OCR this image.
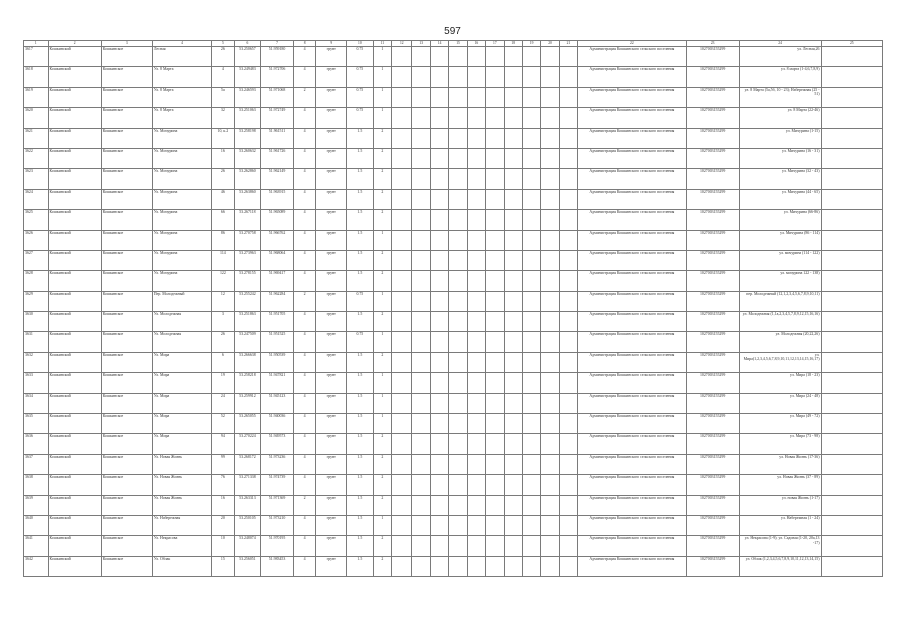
597
1	2	3	4	5	6	7	8	9	10	11	12	13	14	15	16	17	18	19	20	21	22	23	24	25
3617	Кошкинский	Кошкинское	Лесная	26	53.250657	51.959180	4	грунт	0.75	1											Администрация Кошкинского сельского поселения	1027003155299	ул. Лесная,26	
3618	Кошкинский	Кошкинское	Ул. 8 Марта	4	53.249483	51.972706	4	грунт	0.75	1											Администрация Кошкинского сельского поселения	1027003155299	ул. 8 марта (1-4,6,7,8,9)	
3619	Кошкинский	Кошкинское	Ул. 8 Марта	5а	53.246593	51.971068	2	грунт	0.75	1											Администрация Кошкинского сельского поселения	1027003155299	ул. 8 Марта (5а,5б, 10 - 23); Набережная (25 - 51)	
3620	Кошкинский	Кошкинское	Ул. 8 Марта	32	53.251063	51.972749	4	грунт	0.75	1											Администрация Кошкинского сельского поселения	1027003155299	ул. 8 Марта (22-46)	
3621	Кошкинский	Кошкинское	Ул. Мичурина	10, к.2	53.258198	51.961511	4	грунт	1.5	2											Администрация Кошкинского сельского поселения	1027003155299	ул. Мичурина (1-15)	
3622	Кошкинский	Кошкинское	Ул. Мичурина	16	53.260632	51.961726	4	грунт	1.5	2											Администрация Кошкинского сельского поселения	1027003155299	ул. Мичурина (16 - 31)	
3623	Кошкинский	Кошкинское	Ул. Мичурина	26	53.262860	51.962149	4	грунт	1.5	2											Администрация Кошкинского сельского поселения	1027003155299	ул. Мичурина (32 - 43)	
3624	Кошкинский	Кошкинское	Ул. Мичурина	46	53.263860	51.963915	4	грунт	1.5	2											Администрация Кошкинского сельского поселения	1027003155299	ул. Мичурина (44 - 65)	
3625	Кошкинский	Кошкинское	Ул. Мичурина	66	53.267118	51.965089	4	грунт	1.5	2											Администрация Кошкинского сельского поселения	1027003155299	ул. Мичурина (66-86)	
3626	Кошкинский	Кошкинское	Ул. Мичурина	86	53.270758	51.966762	4	грунт	1.5	1											Администрация Кошкинского сельского поселения	1027003155299	ул. Мичурина (86 - 114)	
3627	Кошкинский	Кошкинское	Ул. Мичурина	114	53.273963	51.968064	4	грунт	1.5	2											Администрация Кошкинского сельского поселения	1027003155299	ул. мичурина (114 - 122)	
3628	Кошкинский	Кошкинское	Ул. Мичурина	122	53.278155	51.969417	4	грунт	1.5	2											Администрация Кошкинского сельского поселения	1027003155299	ул. мичурина 122 - 138)	
3629	Кошкинский	Кошкинское	Пер. Молодежный	12	53.255242	51.962284	2	грунт	0.75	1											Администрация Кошкинского сельского поселения	1027003155299	пер. Молодежный (12,1,2,3,4,5,6,7,8,9,10,11)	
3630	Кошкинский	Кошкинское	Ул. Молодежная	3	53.251863	51.951705	4	грунт	1.5	2											Администрация Кошкинского сельского поселения	1027003155299	ул. Молодежная (1,1а,2,3,4,5,7,8,9,12,15,16,16)	
3631	Кошкинский	Кошкинское	Ул. Молодежная	26	53.247509	51.951525	4	грунт	0.75	1											Администрация Кошкинского сельского поселения	1027003155299	ул. Молодежная (20,22,26)	
3632	Кошкинский	Кошкинское	Ул. Мира	6	53.266638	51.950539	4	грунт	1.5	2											Администрация Кошкинского сельского поселения	1027003155299	ул. Мира(1,2,3,4,5,6,7,8,9,10,11,12,13,14,15,16,17)	
3633	Кошкинский	Кошкинское	Ул. Мира	19	53.258218	51.947821	4	грунт	1.5	1											Администрация Кошкинского сельского поселения	1027003155299	ул. Мира (18 - 23)	
3634	Кошкинский	Кошкинское	Ул. Мира	24	53.259912	51.945123	4	грунт	1.5	1											Администрация Кошкинского сельского поселения	1027003155299	ул. Мира (24 - 48)	
3635	Кошкинский	Кошкинское	Ул. Мира	52	53.265055	51.940036	4	грунт	1.5	1											Администрация Кошкинского сельского поселения	1027003155299	ул. Мира (49 - 72)	
3636	Кошкинский	Кошкинское	Ул. Мира	94	53.270224	51.949573	4	грунт	1.5	2											Администрация Кошкинского сельского поселения	1027003155299	ул. Мира (73 - 98)	
3637	Кошкинский	Кошкинское	Ул. Новая Жизнь	99	53.268172	51.973236	4	грунт	1.5	2											Администрация Кошкинского сельского поселения	1027003155299	ул. Новая Жизнь (17-36)	
3638	Кошкинский	Кошкинское	Ул. Новая Жизнь	76	53.271338	51.974739	4	грунт	1.5	2											Администрация Кошкинского сельского поселения	1027003155299	ул. Новая Жизнь (37 - 89)	
3639	Кошкинский	Кошкинское	Ул. Новая Жизнь	16	53.263313	51.971369	2	грунт	1.5	2											Администрация Кошкинского сельского поселения	1027003155299	ул. новая Жизнь (1-17)	
3640	Кошкинский	Кошкинское	Ул. Набережная	20	53.250105	51.973210	4	грунт	1.5	1											Администрация Кошкинского сельского поселения	1027003155299	ул. Набережная (1 - 24)	
3641	Кошкинский	Кошкинское	Ул. Некрасова	10	53.248074	51.970195	4	грунт	1.5	2											Администрация Кошкинского сельского поселения	1027003155299	ул. Некрасова (1-9); ул. Садовая (1-20, 20а,13 -17)	
3642	Кошкинский	Кошкинское	Ул. Облак	15	53.256051	51.983453	4	грунт	1.5	2											Администрация Кошкинского сельского поселения	1027003155299	ул. Облак (1,2,3,4,5,6,7,8,9,10,11,12,13,14,15)	
